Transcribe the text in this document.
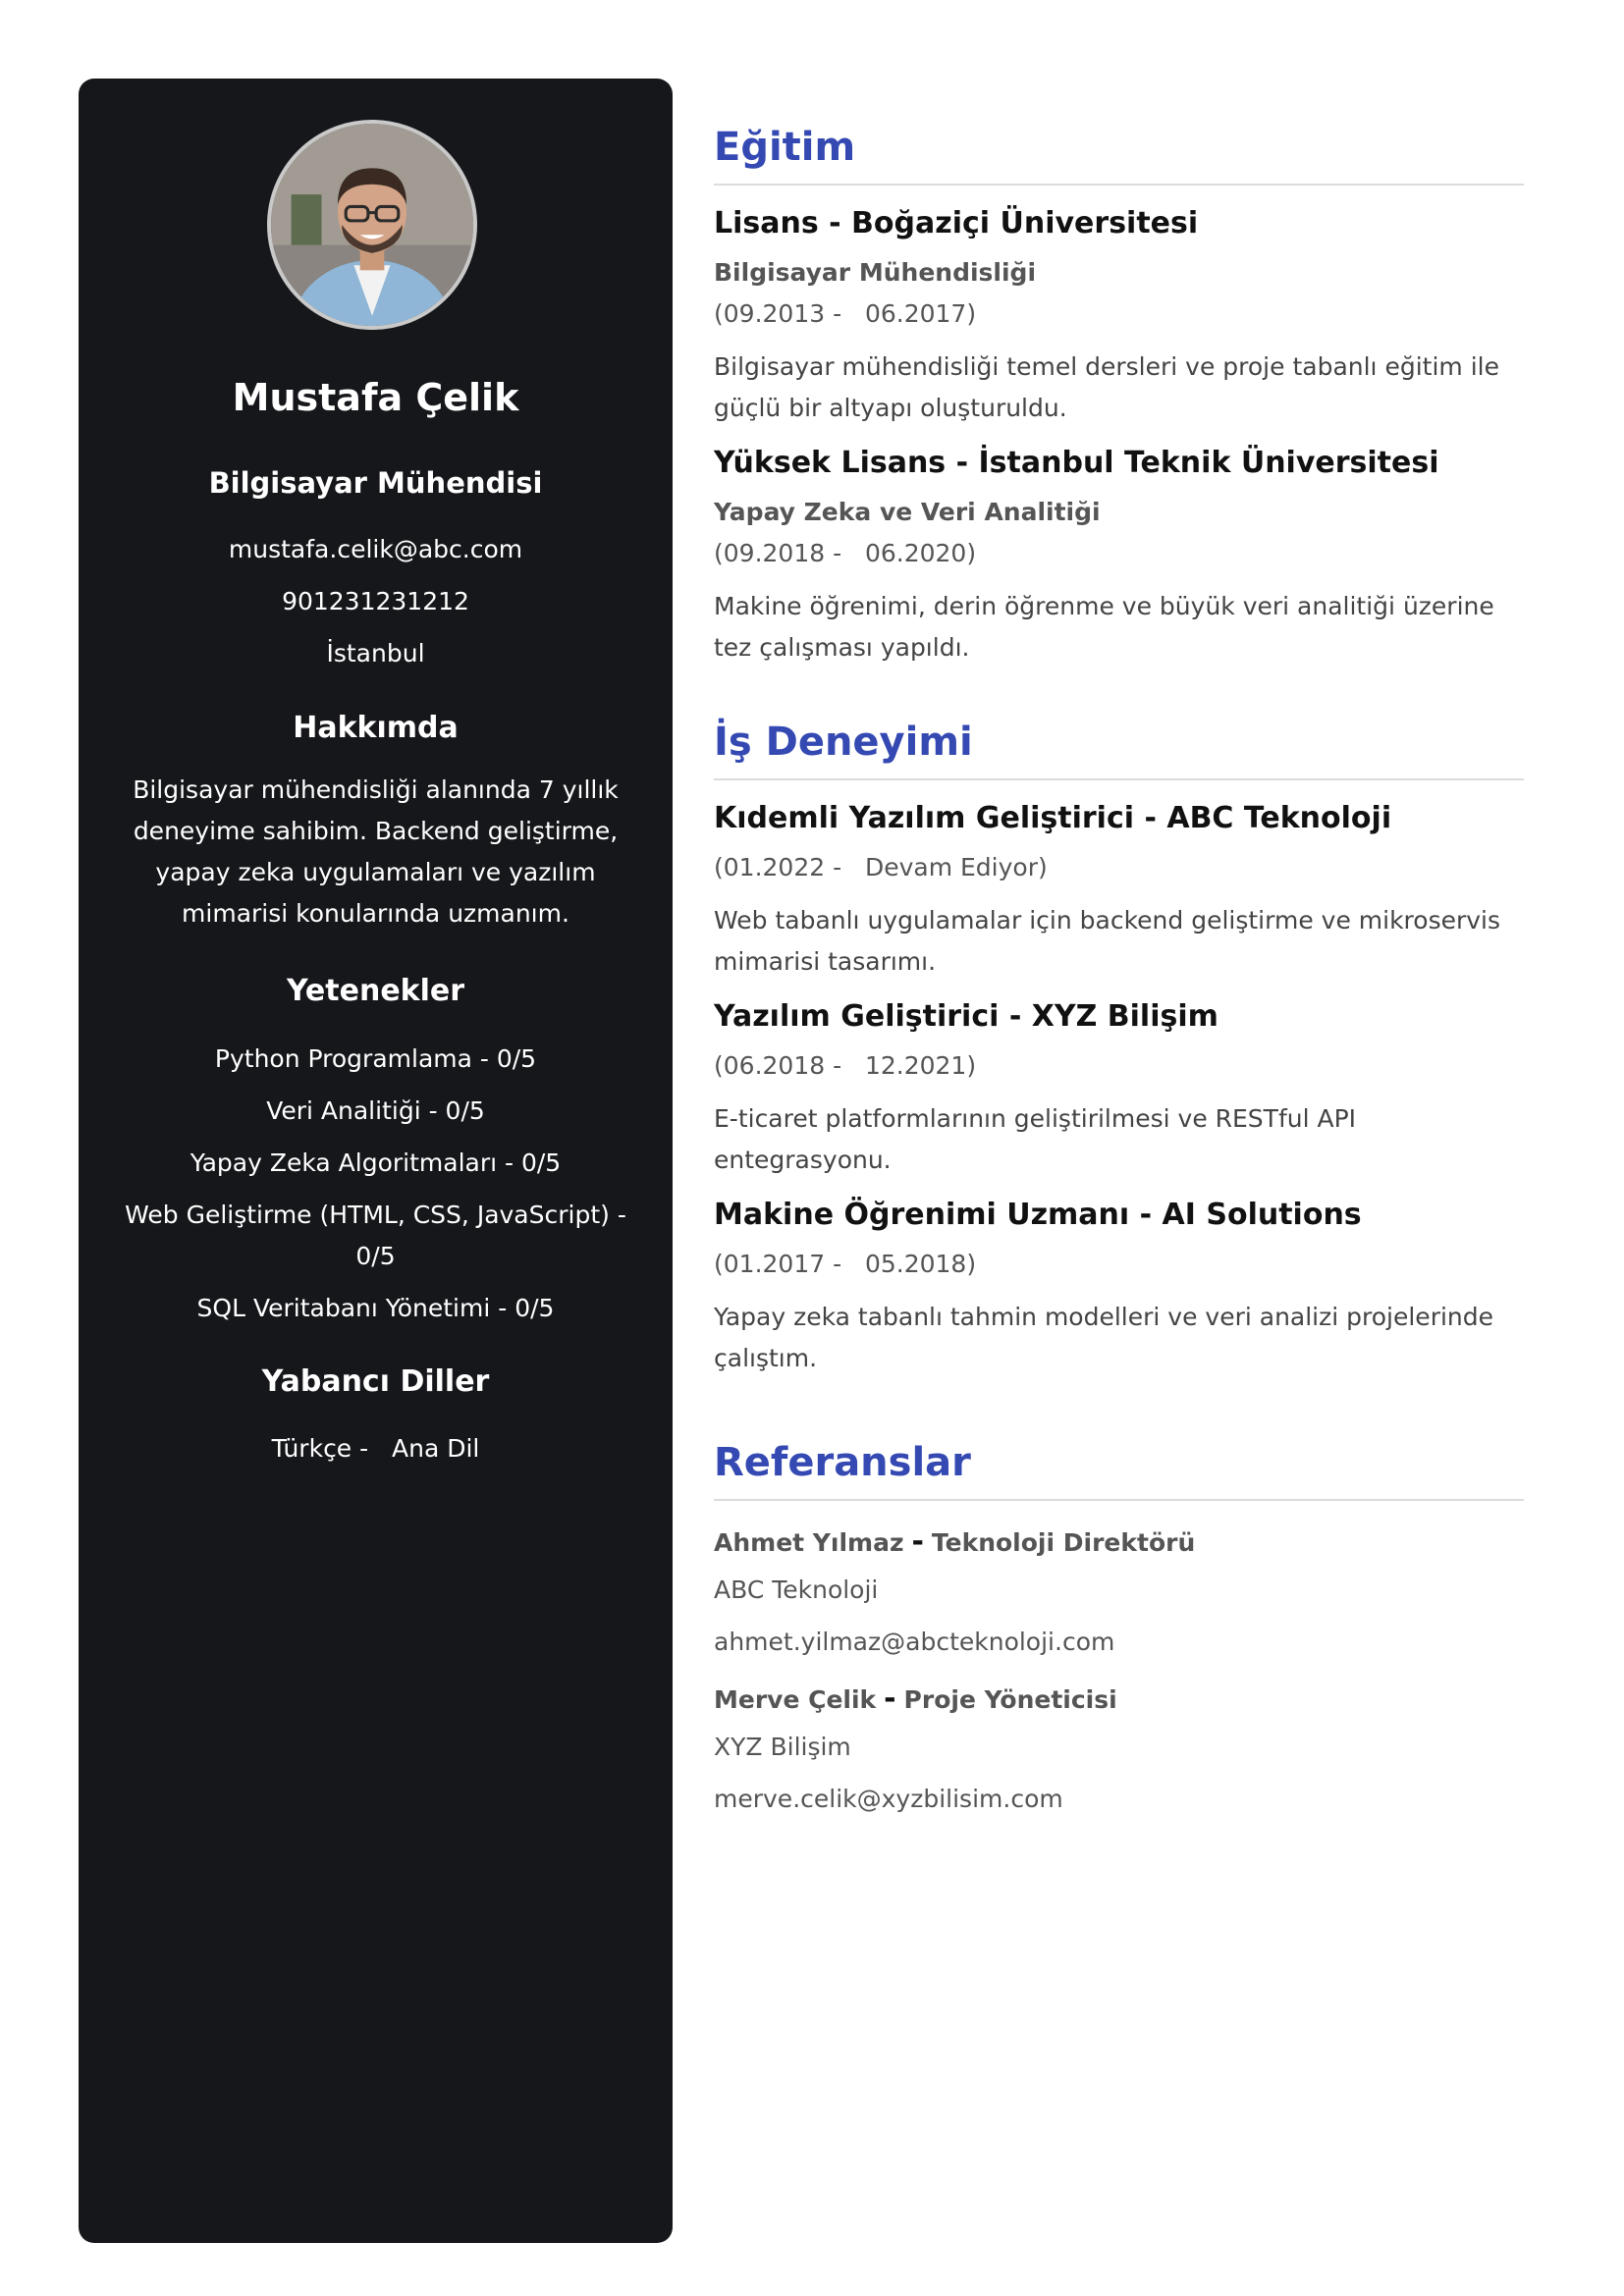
Mustafa Çelik
Bilgisayar Mühendisi
mustafa.celik@abc.com
901231231212
İstanbul
Hakkımda
Bilgisayar mühendisliği alanında 7 yıllık deneyime sahibim. Backend geliştirme, yapay zeka uygulamaları ve yazılım mimarisi konularında uzmanım.
Yetenekler
Python Programlama - 0/5
Veri Analitiği - 0/5
Yapay Zeka Algoritmaları - 0/5
Web Geliştirme (HTML, CSS, JavaScript) - 0/5
SQL Veritabanı Yönetimi - 0/5
Yabancı Diller
Türkçe -   Ana Dil
Eğitim
Lisans - Boğaziçi Üniversitesi
Bilgisayar Mühendisliği
(09.2013 -   06.2017)
Bilgisayar mühendisliği temel dersleri ve proje tabanlı eğitim ile güçlü bir altyapı oluşturuldu.
Yüksek Lisans - İstanbul Teknik Üniversitesi
Yapay Zeka ve Veri Analitiği
(09.2018 -   06.2020)
Makine öğrenimi, derin öğrenme ve büyük veri analitiği üzerine tez çalışması yapıldı.
İş Deneyimi
Kıdemli Yazılım Geliştirici - ABC Teknoloji
(01.2022 -   Devam Ediyor)
Web tabanlı uygulamalar için backend geliştirme ve mikroservis mimarisi tasarımı.
Yazılım Geliştirici - XYZ Bilişim
(06.2018 -   12.2021)
E-ticaret platformlarının geliştirilmesi ve RESTful API entegrasyonu.
Makine Öğrenimi Uzmanı - AI Solutions
(01.2017 -   05.2018)
Yapay zeka tabanlı tahmin modelleri ve veri analizi projelerinde çalıştım.
Referanslar
Ahmet Yılmaz - Teknoloji Direktörü
ABC Teknoloji
ahmet.yilmaz@abcteknoloji.com
Merve Çelik - Proje Yöneticisi
XYZ Bilişim
merve.celik@xyzbilisim.com
